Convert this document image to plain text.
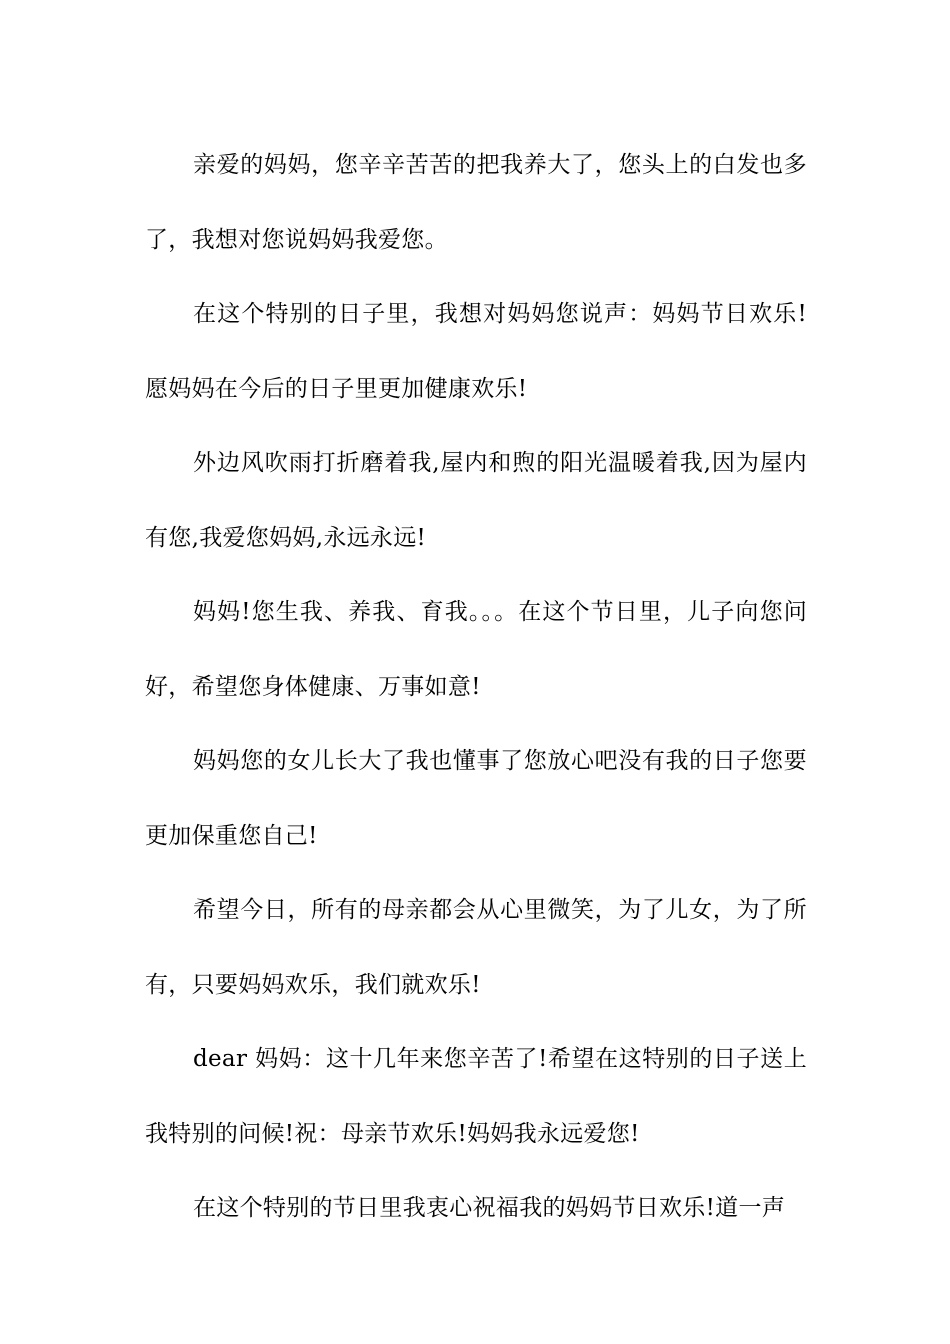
亲爱的妈妈，您辛辛苦苦的把我养大了，您头上的白发也多了，我想对您说妈妈我爱您。

在这个特别的日子里，我想对妈妈您说声：妈妈节日欢乐!愿妈妈在今后的日子里更加健康欢乐!

外边风吹雨打折磨着我,屋内和煦的阳光温暖着我,因为屋内有您,我爱您妈妈,永远永远!

妈妈!您生我、养我、育我。。。在这个节日里，儿子向您问好，希望您身体健康、万事如意!

妈妈您的女儿长大了我也懂事了您放心吧没有我的日子您要更加保重您自己!

希望今日，所有的母亲都会从心里微笑，为了儿女，为了所有，只要妈妈欢乐，我们就欢乐!

dear 妈妈：这十几年来您辛苦了!希望在这特别的日子送上我特别的问候!祝：母亲节欢乐!妈妈我永远爱您!

在这个特别的节日里我衷心祝福我的妈妈节日欢乐!道一声
